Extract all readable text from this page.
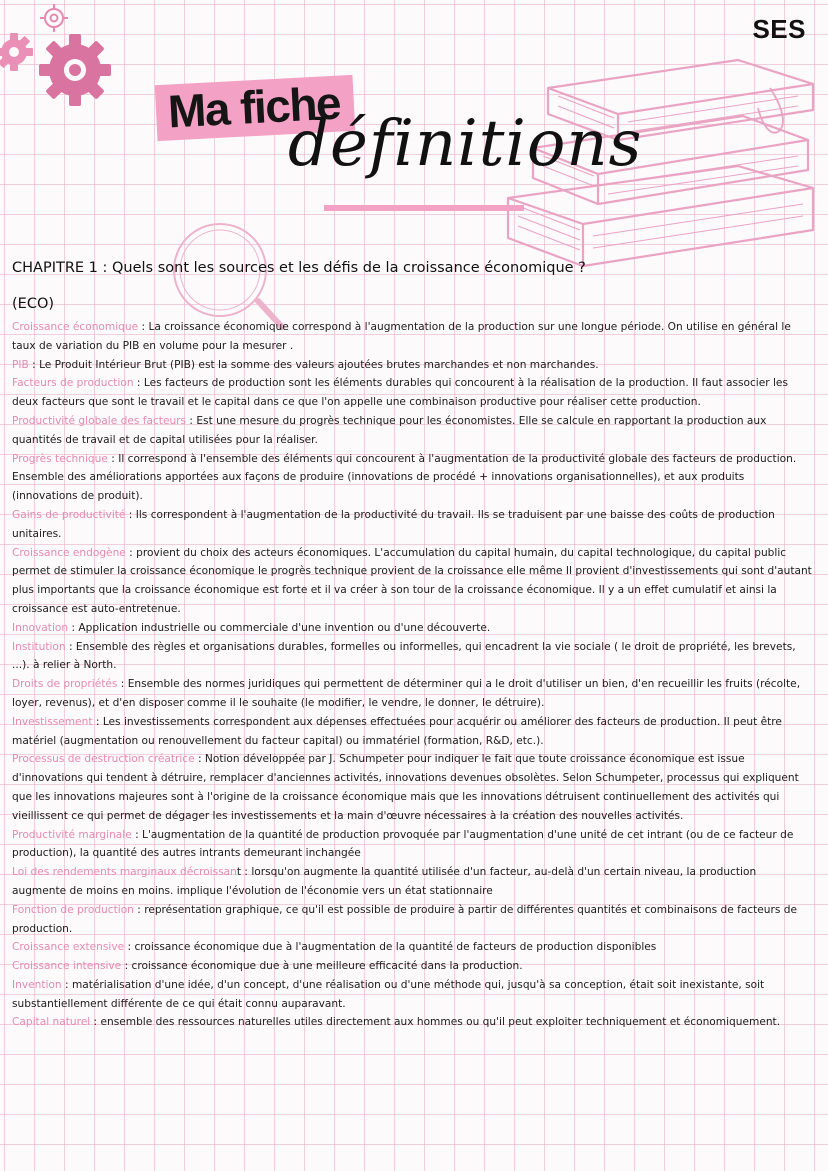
SES
Ma fiche
définitions
CHAPITRE 1 : Quels sont les sources et les défis de la croissance économique ? (ECO)

Croissance économique : La croissance économique correspond à l'augmentation de la production sur une longue période. On utilise en général le taux de variation du PIB en volume pour la mesurer .

PIB : Le Produit Intérieur Brut (PIB) est la somme des valeurs ajoutées brutes marchandes et non marchandes.

Facteurs de production : Les facteurs de production sont les éléments durables qui concourent à la réalisation de la production. Il faut associer les deux facteurs que sont le travail et le capital dans ce que l'on appelle une combinaison productive pour réaliser cette production.

Productivité globale des facteurs : Est une mesure du progrès technique pour les économistes. Elle se calcule en rapportant la production aux quantités de travail et de capital utilisées pour la réaliser.

Progrès technique : Il correspond à l'ensemble des éléments qui concourent à l'augmentation de la productivité globale des facteurs de production. Ensemble des améliorations apportées aux façons de produire (innovations de procédé + innovations organisationnelles), et aux produits (innovations de produit).

Gains de productivité : Ils correspondent à l'augmentation de la productivité du travail. Ils se traduisent par une baisse des coûts de production unitaires.

Croissance endogène : provient du choix des acteurs économiques. L'accumulation du capital humain, du capital technologique, du capital public permet de stimuler la croissance économique le progrès technique provient de la croissance elle même Il provient d'investissements qui sont d'autant plus importants que la croissance économique est forte et il va créer à son tour de la croissance économique. Il y a un effet cumulatif et ainsi la croissance est auto-entretenue.

Innovation : Application industrielle ou commerciale d'une invention ou d'une découverte.

Institution : Ensemble des règles et organisations durables, formelles ou informelles, qui encadrent la vie sociale ( le droit de propriété, les brevets, ...). à relier à North.

Droits de propriétés : Ensemble des normes juridiques qui permettent de déterminer qui a le droit d'utiliser un bien, d'en recueillir les fruits (récolte, loyer, revenus), et d'en disposer comme il le souhaite (le modifier, le vendre, le donner, le détruire).

Investissement : Les investissements correspondent aux dépenses effectuées pour acquérir ou améliorer des facteurs de production. Il peut être matériel (augmentation ou renouvellement du facteur capital) ou immatériel (formation, R&D, etc.).

Processus de destruction créatrice : Notion développée par J. Schumpeter pour indiquer le fait que toute croissance économique est issue d'innovations qui tendent à détruire, remplacer d'anciennes activités, innovations devenues obsolètes. Selon Schumpeter, processus qui expliquent que les innovations majeures sont à l'origine de la croissance économique mais que les innovations détruisent continuellement des activités qui vieillissent ce qui permet de dégager les investissements et la main d'œuvre nécessaires à la création des nouvelles activités.

Productivité marginale : L'augmentation de la quantité de production provoquée par l'augmentation d'une unité de cet intrant (ou de ce facteur de production), la quantité des autres intrants demeurant inchangée

Loi des rendements marginaux décroissant : lorsqu'on augmente la quantité utilisée d'un facteur, au-delà d'un certain niveau, la production augmente de moins en moins. implique l'évolution de l'économie vers un état stationnaire

Fonction de production : représentation graphique, ce qu'il est possible de produire à partir de différentes quantités et combinaisons de facteurs de production.

Croissance extensive : croissance économique due à l'augmentation de la quantité de facteurs de production disponibles

Croissance intensive : croissance économique due à une meilleure efficacité dans la production.

Invention : matérialisation d'une idée, d'un concept, d'une réalisation ou d'une méthode qui, jusqu'à sa conception, était soit inexistante, soit substantiellement différente de ce qui était connu auparavant.

Capital naturel : ensemble des ressources naturelles utiles directement aux hommes ou qu'il peut exploiter techniquement et économiquement.
